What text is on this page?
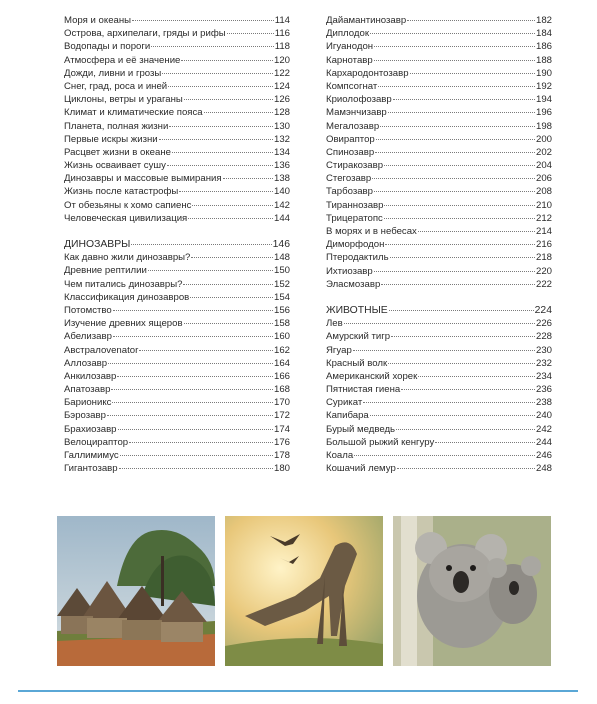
Моря и океаны	114
Острова, архипелаги, гряды и рифы	116
Водопады и пороги	118
Атмосфера и её значение	120
Дожди, ливни и грозы	122
Снег, град, роса и иней	124
Циклоны, ветры и ураганы	126
Климат и климатические пояса	128
Планета, полная жизни	130
Первые искры жизни	132
Расцвет жизни в океане	134
Жизнь осваивает сушу	136
Динозавры и массовые вымирания	138
Жизнь после катастрофы	140
От обезьяны к хомо сапиенс	142
Человеческая цивилизация	144
ДИНОЗАВРЫ	146
Как давно жили динозавры?	148
Древние рептилии	150
Чем питались динозавры?	152
Классификация динозавров	154
Потомство	156
Изучение древних ящеров	158
Абелизавр	160
Австралоvenator	162
Аллозавр	164
Анкилозавр	166
Апатозавр	168
Барионикс	170
Бэрозавр	172
Брахиозавр	174
Велоцираптор	176
Галлимимус	178
Гигантозавр	180
Дайамантинозавр	182
Диплодок	184
Игуанодон	186
Карнотавр	188
Кархародонтозавр	190
Компсогнат	192
Криолофозавр	194
Мамэнчизавр	196
Мегалозавр	198
Овираптор	200
Спинозавр	202
Стиракозавр	204
Стегозавр	206
Тарбозавр	208
Тираннозавр	210
Трицератопс	212
В морях и в небесах	214
Диморфодон	216
Птеродактиль	218
Ихтиозавр	220
Эласмозавр	222
ЖИВОТНЫЕ	224
Лев	226
Амурский тигр	228
Ягуар	230
Красный волк	232
Американский хорек	234
Пятнистая гиена	236
Сурикат	238
Капибара	240
Бурый медведь	242
Большой рыжий кенгуру	244
Коала	246
Кошачий лемур	248
